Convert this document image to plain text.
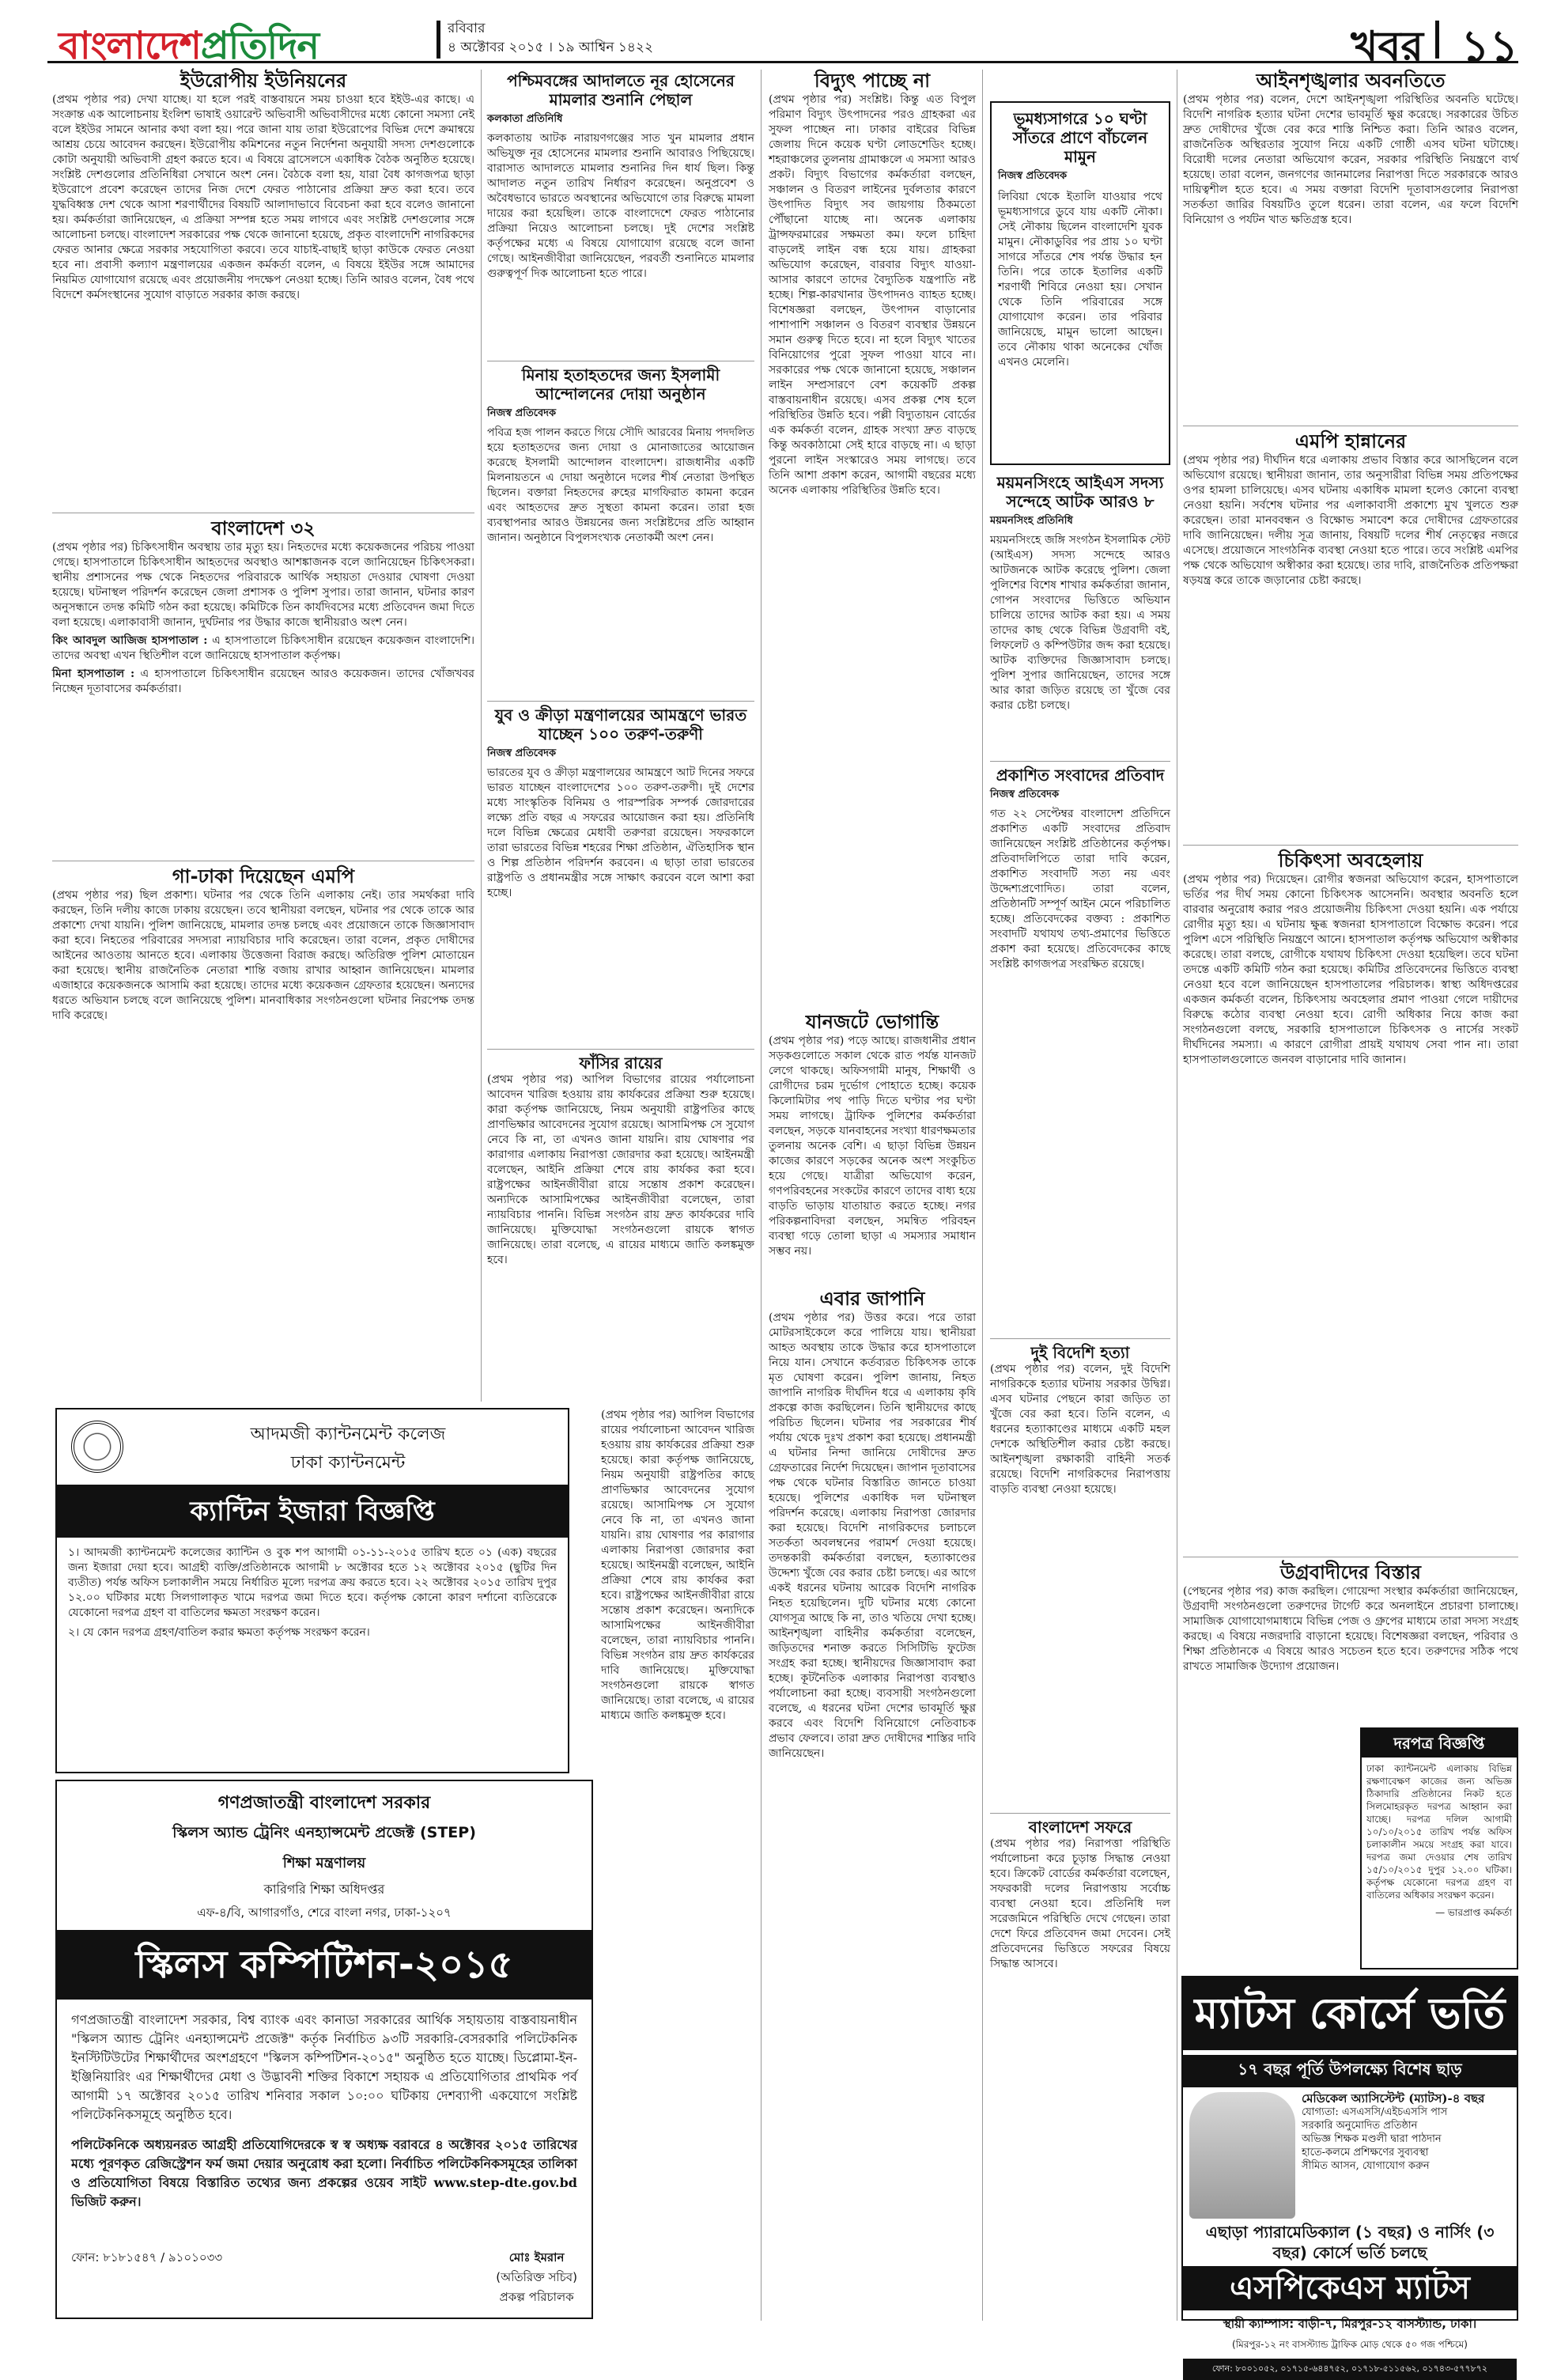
বাংলাদেশপ্রতিদিন	রবিবার
৪ অক্টোবর ২০১৫ । ১৯ আশ্বিন ১৪২২	খবর ১১
ইউরোপীয় ইউনিয়নের

(প্রথম পৃষ্ঠার পর) দেখা যাচ্ছে। যা হলে পরই বাস্তবায়নে সময় চাওয়া হবে ইইউ-এর কাছে। এ সংক্রান্ত এক আলোচনায় ইংলিশ ভাষাই ওয়ারেন্ট অভিবাসী অভিবাসীদের মধ্যে কোনো সমস্যা নেই বলে ইইউর সামনে আনার কথা বলা হয়। পরে জানা যায় তারা ইউরোপের বিভিন্ন দেশে ক্রমান্বয়ে আশ্রয় চেয়ে আবেদন করছেন। ইউরোপীয় কমিশনের নতুন নির্দেশনা অনুযায়ী সদস্য দেশগুলোকে কোটা অনুযায়ী অভিবাসী গ্রহণ করতে হবে। এ বিষয়ে ব্রাসেলসে একাধিক বৈঠক অনুষ্ঠিত হয়েছে। সংশ্লিষ্ট দেশগুলোর প্রতিনিধিরা সেখানে অংশ নেন। বৈঠকে বলা হয়, যারা বৈধ কাগজপত্র ছাড়া ইউরোপে প্রবেশ করেছেন তাদের নিজ দেশে ফেরত পাঠানোর প্রক্রিয়া দ্রুত করা হবে। তবে যুদ্ধবিধ্বস্ত দেশ থেকে আসা শরণার্থীদের বিষয়টি আলাদাভাবে বিবেচনা করা হবে বলেও জানানো হয়। কর্মকর্তারা জানিয়েছেন, এ প্রক্রিয়া সম্পন্ন হতে সময় লাগবে এবং সংশ্লিষ্ট দেশগুলোর সঙ্গে আলোচনা চলছে। বাংলাদেশ সরকারের পক্ষ থেকে জানানো হয়েছে, প্রকৃত বাংলাদেশি নাগরিকদের ফেরত আনার ক্ষেত্রে সরকার সহযোগিতা করবে। তবে যাচাই-বাছাই ছাড়া কাউকে ফেরত নেওয়া হবে না। প্রবাসী কল্যাণ মন্ত্রণালয়ের একজন কর্মকর্তা বলেন, এ বিষয়ে ইইউর সঙ্গে আমাদের নিয়মিত যোগাযোগ রয়েছে এবং প্রয়োজনীয় পদক্ষেপ নেওয়া হচ্ছে। তিনি আরও বলেন, বৈধ পথে বিদেশে কর্মসংস্থানের সুযোগ বাড়াতে সরকার কাজ করছে।

বাংলাদেশ ৩২

(প্রথম পৃষ্ঠার পর) চিকিৎসাধীন অবস্থায় তার মৃত্যু হয়। নিহতদের মধ্যে কয়েকজনের পরিচয় পাওয়া গেছে। হাসপাতালে চিকিৎসাধীন আহতদের অবস্থাও আশঙ্কাজনক বলে জানিয়েছেন চিকিৎসকরা। স্থানীয় প্রশাসনের পক্ষ থেকে নিহতদের পরিবারকে আর্থিক সহায়তা দেওয়ার ঘোষণা দেওয়া হয়েছে। ঘটনাস্থল পরিদর্শন করেছেন জেলা প্রশাসক ও পুলিশ সুপার। তারা জানান, ঘটনার কারণ অনুসন্ধানে তদন্ত কমিটি গঠন করা হয়েছে। কমিটিকে তিন কার্যদিবসের মধ্যে প্রতিবেদন জমা দিতে বলা হয়েছে। এলাকাবাসী জানান, দুর্ঘটনার পর উদ্ধার কাজে স্থানীয়রাও অংশ নেন।

কিং আবদুল আজিজ হাসপাতাল : এ হাসপাতালে চিকিৎসাধীন রয়েছেন কয়েকজন বাংলাদেশি। তাদের অবস্থা এখন স্থিতিশীল বলে জানিয়েছে হাসপাতাল কর্তৃপক্ষ।

মিনা হাসপাতাল : এ হাসপাতালে চিকিৎসাধীন রয়েছেন আরও কয়েকজন। তাদের খোঁজখবর নিচ্ছেন দূতাবাসের কর্মকর্তারা।

গা-ঢাকা দিয়েছেন এমপি

(প্রথম পৃষ্ঠার পর) ছিল প্রকাশ্য। ঘটনার পর থেকে তিনি এলাকায় নেই। তার সমর্থকরা দাবি করছেন, তিনি দলীয় কাজে ঢাকায় রয়েছেন। তবে স্থানীয়রা বলছেন, ঘটনার পর থেকে তাকে আর প্রকাশ্যে দেখা যায়নি। পুলিশ জানিয়েছে, মামলার তদন্ত চলছে এবং প্রয়োজনে তাকে জিজ্ঞাসাবাদ করা হবে। নিহতের পরিবারের সদস্যরা ন্যায়বিচার দাবি করেছেন। তারা বলেন, প্রকৃত দোষীদের আইনের আওতায় আনতে হবে। এলাকায় উত্তেজনা বিরাজ করছে। অতিরিক্ত পুলিশ মোতায়েন করা হয়েছে। স্থানীয় রাজনৈতিক নেতারা শান্তি বজায় রাখার আহ্বান জানিয়েছেন। মামলার এজাহারে কয়েকজনকে আসামি করা হয়েছে। তাদের মধ্যে কয়েকজন গ্রেফতার হয়েছেন। অন্যদের ধরতে অভিযান চলছে বলে জানিয়েছে পুলিশ। মানবাধিকার সংগঠনগুলো ঘটনার নিরপেক্ষ তদন্ত দাবি করেছে।

আদমজী ক্যান্টনমেন্ট কলেজ
ঢাকা ক্যান্টনমেন্ট
ক্যান্টিন ইজারা বিজ্ঞপ্তি

১। আদমজী ক্যান্টনমেন্ট কলেজের ক্যান্টিন ও বুক শপ আগামী ০১-১১-২০১৫ তারিখ হতে ০১ (এক) বছরের জন্য ইজারা দেয়া হবে। আগ্রহী ব্যক্তি/প্রতিষ্ঠানকে আগামী ৮ অক্টোবর হতে ১২ অক্টোবর ২০১৫ (ছুটির দিন ব্যতীত) পর্যন্ত অফিস চলাকালীন সময়ে নির্ধারিত মূল্যে দরপত্র ক্রয় করতে হবে। ২২ অক্টোবর ২০১৫ তারিখ দুপুর ১২.০০ ঘটিকার মধ্যে সিলগালাকৃত খামে দরপত্র জমা দিতে হবে। কর্তৃপক্ষ কোনো কারণ দর্শানো ব্যতিরেকে যেকোনো দরপত্র গ্রহণ বা বাতিলের ক্ষমতা সংরক্ষণ করেন।

২। যে কোন দরপত্র গ্রহণ/বাতিল করার ক্ষমতা কর্তৃপক্ষ সংরক্ষণ করেন।

গণপ্রজাতন্ত্রী বাংলাদেশ সরকার
স্কিলস অ্যান্ড ট্রেনিং এনহ্যান্সমেন্ট প্রজেক্ট (STEP)
শিক্ষা মন্ত্রণালয়
কারিগরি শিক্ষা অধিদপ্তর
এফ-৪/বি, আগারগাঁও, শেরে বাংলা নগর, ঢাকা-১২০৭
স্কিলস কম্পিটিশন-২০১৫

গণপ্রজাতন্ত্রী বাংলাদেশ সরকার, বিশ্ব ব্যাংক এবং কানাডা সরকারের আর্থিক সহায়তায় বাস্তবায়নাধীন "স্কিলস অ্যান্ড ট্রেনিং এনহ্যান্সমেন্ট প্রজেক্ট" কর্তৃক নির্বাচিত ৯৩টি সরকারি-বেসরকারি পলিটেকনিক ইনস্টিটিউটের শিক্ষার্থীদের অংশগ্রহণে "স্কিলস কম্পিটিশন-২০১৫" অনুষ্ঠিত হতে যাচ্ছে। ডিপ্লোমা-ইন-ইঞ্জিনিয়ারিং এর শিক্ষার্থীদের মেধা ও উদ্ভাবনী শক্তির বিকাশে সহায়ক এ প্রতিযোগিতার প্রাথমিক পর্ব আগামী ১৭ অক্টোবর ২০১৫ তারিখ শনিবার সকাল ১০:০০ ঘটিকায় দেশব্যাপী একযোগে সংশ্লিষ্ট পলিটেকনিকসমূহে অনুষ্ঠিত হবে।

পলিটেকনিকে অধ্যয়নরত আগ্রহী প্রতিযোগিদেরকে স্ব স্ব অধ্যক্ষ বরাবরে ৪ অক্টোবর ২০১৫ তারিখের মধ্যে পূরণকৃত রেজিস্ট্রেশন ফর্ম জমা দেয়ার অনুরোধ করা হলো। নির্বাচিত পলিটেকনিকসমূহের তালিকা ও প্রতিযোগিতা বিষয়ে বিস্তারিত তথ্যের জন্য প্রকল্পের ওয়েব সাইট www.step-dte.gov.bd ভিজিট করুন।

ফোন: ৮১৮১৫৪৭ / ৯১০১০৩৩	মোঃ ইমরান
(অতিরিক্ত সচিব)
প্রকল্প পরিচালক
পশ্চিমবঙ্গের আদালতে নূর হোসেনের মামলার শুনানি পেছাল
কলকাতা প্রতিনিধি

কলকাতায় আটক নারায়ণগঞ্জের সাত খুন মামলার প্রধান অভিযুক্ত নূর হোসেনের মামলার শুনানি আবারও পিছিয়েছে। বারাসাত আদালতে মামলার শুনানির দিন ধার্য ছিল। কিন্তু আদালত নতুন তারিখ নির্ধারণ করেছেন। অনুপ্রবেশ ও অবৈধভাবে ভারতে অবস্থানের অভিযোগে তার বিরুদ্ধে মামলা দায়ের করা হয়েছিল। তাকে বাংলাদেশে ফেরত পাঠানোর প্রক্রিয়া নিয়েও আলোচনা চলছে। দুই দেশের সংশ্লিষ্ট কর্তৃপক্ষের মধ্যে এ বিষয়ে যোগাযোগ রয়েছে বলে জানা গেছে। আইনজীবীরা জানিয়েছেন, পরবর্তী শুনানিতে মামলার গুরুত্বপূর্ণ দিক আলোচনা হতে পারে।

মিনায় হতাহতদের জন্য ইসলামী আন্দোলনের দোয়া অনুষ্ঠান
নিজস্ব প্রতিবেদক

পবিত্র হজ পালন করতে গিয়ে সৌদি আরবের মিনায় পদদলিত হয়ে হতাহতদের জন্য দোয়া ও মোনাজাতের আয়োজন করেছে ইসলামী আন্দোলন বাংলাদেশ। রাজধানীর একটি মিলনায়তনে এ দোয়া অনুষ্ঠানে দলের শীর্ষ নেতারা উপস্থিত ছিলেন। বক্তারা নিহতদের রুহের মাগফিরাত কামনা করেন এবং আহতদের দ্রুত সুস্থতা কামনা করেন। তারা হজ ব্যবস্থাপনার আরও উন্নয়নের জন্য সংশ্লিষ্টদের প্রতি আহ্বান জানান। অনুষ্ঠানে বিপুলসংখ্যক নেতাকর্মী অংশ নেন।

যুব ও ক্রীড়া মন্ত্রণালয়ের আমন্ত্রণে ভারত যাচ্ছেন ১০০ তরুণ-তরুণী
নিজস্ব প্রতিবেদক

ভারতের যুব ও ক্রীড়া মন্ত্রণালয়ের আমন্ত্রণে আট দিনের সফরে ভারত যাচ্ছেন বাংলাদেশের ১০০ তরুণ-তরুণী। দুই দেশের মধ্যে সাংস্কৃতিক বিনিময় ও পারস্পরিক সম্পর্ক জোরদারের লক্ষ্যে প্রতি বছর এ সফরের আয়োজন করা হয়। প্রতিনিধি দলে বিভিন্ন ক্ষেত্রের মেধাবী তরুণরা রয়েছেন। সফরকালে তারা ভারতের বিভিন্ন শহরের শিক্ষা প্রতিষ্ঠান, ঐতিহাসিক স্থান ও শিল্প প্রতিষ্ঠান পরিদর্শন করবেন। এ ছাড়া তারা ভারতের রাষ্ট্রপতি ও প্রধানমন্ত্রীর সঙ্গে সাক্ষাৎ করবেন বলে আশা করা হচ্ছে।

(প্রথম পৃষ্ঠার পর) আপিল বিভাগের রায়ের পর্যালোচনা আবেদন খারিজ হওয়ায় রায় কার্যকরের প্রক্রিয়া শুরু হয়েছে। কারা কর্তৃপক্ষ জানিয়েছে, নিয়ম অনুযায়ী রাষ্ট্রপতির কাছে প্রাণভিক্ষার আবেদনের সুযোগ রয়েছে। আসামিপক্ষ সে সুযোগ নেবে কি না, তা এখনও জানা যায়নি। রায় ঘোষণার পর কারাগার এলাকায় নিরাপত্তা জোরদার করা হয়েছে। আইনমন্ত্রী বলেছেন, আইনি প্রক্রিয়া শেষে রায় কার্যকর করা হবে। রাষ্ট্রপক্ষের আইনজীবীরা রায়ে সন্তোষ প্রকাশ করেছেন। অন্যদিকে আসামিপক্ষের আইনজীবীরা বলেছেন, তারা ন্যায়বিচার পাননি। বিভিন্ন সংগঠন রায় দ্রুত কার্যকরের দাবি জানিয়েছে। মুক্তিযোদ্ধা সংগঠনগুলো রায়কে স্বাগত জানিয়েছে। তারা বলেছে, এ রায়ের মাধ্যমে জাতি কলঙ্কমুক্ত হবে।

ফাঁসির রায়ের

(প্রথম পৃষ্ঠার পর) আপিল বিভাগের রায়ের পর্যালোচনা আবেদন খারিজ হওয়ায় রায় কার্যকরের প্রক্রিয়া শুরু হয়েছে। কারা কর্তৃপক্ষ জানিয়েছে, নিয়ম অনুযায়ী রাষ্ট্রপতির কাছে প্রাণভিক্ষার আবেদনের সুযোগ রয়েছে। আসামিপক্ষ সে সুযোগ নেবে কি না, তা এখনও জানা যায়নি। রায় ঘোষণার পর কারাগার এলাকায় নিরাপত্তা জোরদার করা হয়েছে। আইনমন্ত্রী বলেছেন, আইনি প্রক্রিয়া শেষে রায় কার্যকর করা হবে। রাষ্ট্রপক্ষের আইনজীবীরা রায়ে সন্তোষ প্রকাশ করেছেন। অন্যদিকে আসামিপক্ষের আইনজীবীরা বলেছেন, তারা ন্যায়বিচার পাননি। বিভিন্ন সংগঠন রায় দ্রুত কার্যকরের দাবি জানিয়েছে। মুক্তিযোদ্ধা সংগঠনগুলো রায়কে স্বাগত জানিয়েছে। তারা বলেছে, এ রায়ের মাধ্যমে জাতি কলঙ্কমুক্ত হবে।

বিদ্যুৎ পাচ্ছে না

(প্রথম পৃষ্ঠার পর) সংশ্লিষ্ট। কিন্তু এত বিপুল পরিমাণ বিদ্যুৎ উৎপাদনের পরও গ্রাহকরা এর সুফল পাচ্ছেন না। ঢাকার বাইরের বিভিন্ন জেলায় দিনে কয়েক ঘণ্টা লোডশেডিং হচ্ছে। শহরাঞ্চলের তুলনায় গ্রামাঞ্চলে এ সমস্যা আরও প্রকট। বিদ্যুৎ বিভাগের কর্মকর্তারা বলছেন, সঞ্চালন ও বিতরণ লাইনের দুর্বলতার কারণে উৎপাদিত বিদ্যুৎ সব জায়গায় ঠিকমতো পৌঁছানো যাচ্ছে না। অনেক এলাকায় ট্রান্সফরমারের সক্ষমতা কম। ফলে চাহিদা বাড়লেই লাইন বন্ধ হয়ে যায়। গ্রাহকরা অভিযোগ করেছেন, বারবার বিদ্যুৎ যাওয়া-আসার কারণে তাদের বৈদ্যুতিক যন্ত্রপাতি নষ্ট হচ্ছে। শিল্প-কারখানার উৎপাদনও ব্যাহত হচ্ছে। বিশেষজ্ঞরা বলছেন, উৎপাদন বাড়ানোর পাশাপাশি সঞ্চালন ও বিতরণ ব্যবস্থার উন্নয়নে সমান গুরুত্ব দিতে হবে। না হলে বিদ্যুৎ খাতের বিনিয়োগের পুরো সুফল পাওয়া যাবে না। সরকারের পক্ষ থেকে জানানো হয়েছে, সঞ্চালন লাইন সম্প্রসারণে বেশ কয়েকটি প্রকল্প বাস্তবায়নাধীন রয়েছে। এসব প্রকল্প শেষ হলে পরিস্থিতির উন্নতি হবে। পল্লী বিদ্যুতায়ন বোর্ডের এক কর্মকর্তা বলেন, গ্রাহক সংখ্যা দ্রুত বাড়ছে কিন্তু অবকাঠামো সেই হারে বাড়ছে না। এ ছাড়া পুরনো লাইন সংস্কারেও সময় লাগছে। তবে তিনি আশা প্রকাশ করেন, আগামী বছরের মধ্যে অনেক এলাকায় পরিস্থিতির উন্নতি হবে।

যানজটে ভোগান্তি

(প্রথম পৃষ্ঠার পর) পড়ে আছে। রাজধানীর প্রধান সড়কগুলোতে সকাল থেকে রাত পর্যন্ত যানজট লেগে থাকছে। অফিসগামী মানুষ, শিক্ষার্থী ও রোগীদের চরম দুর্ভোগ পোহাতে হচ্ছে। কয়েক কিলোমিটার পথ পাড়ি দিতে ঘণ্টার পর ঘণ্টা সময় লাগছে। ট্রাফিক পুলিশের কর্মকর্তারা বলছেন, সড়কে যানবাহনের সংখ্যা ধারণক্ষমতার তুলনায় অনেক বেশি। এ ছাড়া বিভিন্ন উন্নয়ন কাজের কারণে সড়কের অনেক অংশ সংকুচিত হয়ে গেছে। যাত্রীরা অভিযোগ করেন, গণপরিবহনের সংকটের কারণে তাদের বাধ্য হয়ে বাড়তি ভাড়ায় যাতায়াত করতে হচ্ছে। নগর পরিকল্পনাবিদরা বলছেন, সমন্বিত পরিবহন ব্যবস্থা গড়ে তোলা ছাড়া এ সমস্যার সমাধান সম্ভব নয়।

এবার জাপানি

(প্রথম পৃষ্ঠার পর) উত্তর করে। পরে তারা মোটরসাইকেলে করে পালিয়ে যায়। স্থানীয়রা আহত অবস্থায় তাকে উদ্ধার করে হাসপাতালে নিয়ে যান। সেখানে কর্তব্যরত চিকিৎসক তাকে মৃত ঘোষণা করেন। পুলিশ জানায়, নিহত জাপানি নাগরিক দীর্ঘদিন ধরে এ এলাকায় কৃষি প্রকল্পে কাজ করছিলেন। তিনি স্থানীয়দের কাছে পরিচিত ছিলেন। ঘটনার পর সরকারের শীর্ষ পর্যায় থেকে দুঃখ প্রকাশ করা হয়েছে। প্রধানমন্ত্রী এ ঘটনার নিন্দা জানিয়ে দোষীদের দ্রুত গ্রেফতারের নির্দেশ দিয়েছেন। জাপান দূতাবাসের পক্ষ থেকে ঘটনার বিস্তারিত জানতে চাওয়া হয়েছে। পুলিশের একাধিক দল ঘটনাস্থল পরিদর্শন করেছে। এলাকায় নিরাপত্তা জোরদার করা হয়েছে। বিদেশি নাগরিকদের চলাচলে সতর্কতা অবলম্বনের পরামর্শ দেওয়া হয়েছে। তদন্তকারী কর্মকর্তারা বলছেন, হত্যাকাণ্ডের উদ্দেশ্য খুঁজে বের করার চেষ্টা চলছে। এর আগে একই ধরনের ঘটনায় আরেক বিদেশি নাগরিক নিহত হয়েছিলেন। দুটি ঘটনার মধ্যে কোনো যোগসূত্র আছে কি না, তাও খতিয়ে দেখা হচ্ছে। আইনশৃঙ্খলা বাহিনীর কর্মকর্তারা বলেছেন, জড়িতদের শনাক্ত করতে সিসিটিভি ফুটেজ সংগ্রহ করা হচ্ছে। স্থানীয়দের জিজ্ঞাসাবাদ করা হচ্ছে। কূটনৈতিক এলাকার নিরাপত্তা ব্যবস্থাও পর্যালোচনা করা হচ্ছে। ব্যবসায়ী সংগঠনগুলো বলেছে, এ ধরনের ঘটনা দেশের ভাবমূর্তি ক্ষুণ্ণ করবে এবং বিদেশি বিনিয়োগে নেতিবাচক প্রভাব ফেলবে। তারা দ্রুত দোষীদের শাস্তির দাবি জানিয়েছেন।

ভূমধ্যসাগরে ১০ ঘণ্টা সাঁতরে প্রাণে বাঁচলেন মামুন
নিজস্ব প্রতিবেদক

লিবিয়া থেকে ইতালি যাওয়ার পথে ভূমধ্যসাগরে ডুবে যায় একটি নৌকা। সেই নৌকায় ছিলেন বাংলাদেশি যুবক মামুন। নৌকাডুবির পর প্রায় ১০ ঘণ্টা সাগরে সাঁতরে শেষ পর্যন্ত উদ্ধার হন তিনি। পরে তাকে ইতালির একটি শরণার্থী শিবিরে নেওয়া হয়। সেখান থেকে তিনি পরিবারের সঙ্গে যোগাযোগ করেন। তার পরিবার জানিয়েছে, মামুন ভালো আছেন। তবে নৌকায় থাকা অনেকের খোঁজ এখনও মেলেনি।

ময়মনসিংহে আইএস সদস্য সন্দেহে আটক আরও ৮
ময়মনসিংহ প্রতিনিধি

ময়মনসিংহে জঙ্গি সংগঠন ইসলামিক স্টেট (আইএস) সদস্য সন্দেহে আরও আটজনকে আটক করেছে পুলিশ। জেলা পুলিশের বিশেষ শাখার কর্মকর্তারা জানান, গোপন সংবাদের ভিত্তিতে অভিযান চালিয়ে তাদের আটক করা হয়। এ সময় তাদের কাছ থেকে বিভিন্ন উগ্রবাদী বই, লিফলেট ও কম্পিউটার জব্দ করা হয়েছে। আটক ব্যক্তিদের জিজ্ঞাসাবাদ চলছে। পুলিশ সুপার জানিয়েছেন, তাদের সঙ্গে আর কারা জড়িত রয়েছে তা খুঁজে বের করার চেষ্টা চলছে।

প্রকাশিত সংবাদের প্রতিবাদ
নিজস্ব প্রতিবেদক

গত ২২ সেপ্টেম্বর বাংলাদেশ প্রতিদিনে প্রকাশিত একটি সংবাদের প্রতিবাদ জানিয়েছেন সংশ্লিষ্ট প্রতিষ্ঠানের কর্তৃপক্ষ। প্রতিবাদলিপিতে তারা দাবি করেন, প্রকাশিত সংবাদটি সত্য নয় এবং উদ্দেশ্যপ্রণোদিত। তারা বলেন, প্রতিষ্ঠানটি সম্পূর্ণ আইন মেনে পরিচালিত হচ্ছে। প্রতিবেদকের বক্তব্য : প্রকাশিত সংবাদটি যথাযথ তথ্য-প্রমাণের ভিত্তিতে প্রকাশ করা হয়েছে। প্রতিবেদকের কাছে সংশ্লিষ্ট কাগজপত্র সংরক্ষিত রয়েছে।

দুই বিদেশি হত্যা

(প্রথম পৃষ্ঠার পর) বলেন, দুই বিদেশি নাগরিককে হত্যার ঘটনায় সরকার উদ্বিগ্ন। এসব ঘটনার পেছনে কারা জড়িত তা খুঁজে বের করা হবে। তিনি বলেন, এ ধরনের হত্যাকাণ্ডের মাধ্যমে একটি মহল দেশকে অস্থিতিশীল করার চেষ্টা করছে। আইনশৃঙ্খলা রক্ষাকারী বাহিনী সতর্ক রয়েছে। বিদেশি নাগরিকদের নিরাপত্তায় বাড়তি ব্যবস্থা নেওয়া হয়েছে।

বাংলাদেশ সফরে

(প্রথম পৃষ্ঠার পর) নিরাপত্তা পরিস্থিতি পর্যালোচনা করে চূড়ান্ত সিদ্ধান্ত নেওয়া হবে। ক্রিকেট বোর্ডের কর্মকর্তারা বলেছেন, সফরকারী দলের নিরাপত্তায় সর্বোচ্চ ব্যবস্থা নেওয়া হবে। প্রতিনিধি দল সরেজমিনে পরিস্থিতি দেখে গেছেন। তারা দেশে ফিরে প্রতিবেদন জমা দেবেন। সেই প্রতিবেদনের ভিত্তিতে সফরের বিষয়ে সিদ্ধান্ত আসবে।

আইনশৃঙ্খলার অবনতিতে

(প্রথম পৃষ্ঠার পর) বলেন, দেশে আইনশৃঙ্খলা পরিস্থিতির অবনতি ঘটেছে। বিদেশি নাগরিক হত্যার ঘটনা দেশের ভাবমূর্তি ক্ষুণ্ণ করেছে। সরকারের উচিত দ্রুত দোষীদের খুঁজে বের করে শাস্তি নিশ্চিত করা। তিনি আরও বলেন, রাজনৈতিক অস্থিরতার সুযোগ নিয়ে একটি গোষ্ঠী এসব ঘটনা ঘটাচ্ছে। বিরোধী দলের নেতারা অভিযোগ করেন, সরকার পরিস্থিতি নিয়ন্ত্রণে ব্যর্থ হয়েছে। তারা বলেন, জনগণের জানমালের নিরাপত্তা দিতে সরকারকে আরও দায়িত্বশীল হতে হবে। এ সময় বক্তারা বিদেশি দূতাবাসগুলোর নিরাপত্তা সতর্কতা জারির বিষয়টিও তুলে ধরেন। তারা বলেন, এর ফলে বিদেশি বিনিয়োগ ও পর্যটন খাত ক্ষতিগ্রস্ত হবে।

এমপি হান্নানের

(প্রথম পৃষ্ঠার পর) দীর্ঘদিন ধরে এলাকায় প্রভাব বিস্তার করে আসছিলেন বলে অভিযোগ রয়েছে। স্থানীয়রা জানান, তার অনুসারীরা বিভিন্ন সময় প্রতিপক্ষের ওপর হামলা চালিয়েছে। এসব ঘটনায় একাধিক মামলা হলেও কোনো ব্যবস্থা নেওয়া হয়নি। সর্বশেষ ঘটনার পর এলাকাবাসী প্রকাশ্যে মুখ খুলতে শুরু করেছেন। তারা মানববন্ধন ও বিক্ষোভ সমাবেশ করে দোষীদের গ্রেফতারের দাবি জানিয়েছেন। দলীয় সূত্র জানায়, বিষয়টি দলের শীর্ষ নেতৃত্বের নজরে এসেছে। প্রয়োজনে সাংগঠনিক ব্যবস্থা নেওয়া হতে পারে। তবে সংশ্লিষ্ট এমপির পক্ষ থেকে অভিযোগ অস্বীকার করা হয়েছে। তার দাবি, রাজনৈতিক প্রতিপক্ষরা ষড়যন্ত্র করে তাকে জড়ানোর চেষ্টা করছে।

চিকিৎসা অবহেলায়

(প্রথম পৃষ্ঠার পর) দিয়েছেন। রোগীর স্বজনরা অভিযোগ করেন, হাসপাতালে ভর্তির পর দীর্ঘ সময় কোনো চিকিৎসক আসেননি। অবস্থার অবনতি হলে বারবার অনুরোধ করার পরও প্রয়োজনীয় চিকিৎসা দেওয়া হয়নি। এক পর্যায়ে রোগীর মৃত্যু হয়। এ ঘটনায় ক্ষুব্ধ স্বজনরা হাসপাতালে বিক্ষোভ করেন। পরে পুলিশ এসে পরিস্থিতি নিয়ন্ত্রণে আনে। হাসপাতাল কর্তৃপক্ষ অভিযোগ অস্বীকার করেছে। তারা বলছে, রোগীকে যথাযথ চিকিৎসা দেওয়া হয়েছিল। তবে ঘটনা তদন্তে একটি কমিটি গঠন করা হয়েছে। কমিটির প্রতিবেদনের ভিত্তিতে ব্যবস্থা নেওয়া হবে বলে জানিয়েছেন হাসপাতালের পরিচালক। স্বাস্থ্য অধিদপ্তরের একজন কর্মকর্তা বলেন, চিকিৎসায় অবহেলার প্রমাণ পাওয়া গেলে দায়ীদের বিরুদ্ধে কঠোর ব্যবস্থা নেওয়া হবে। রোগী অধিকার নিয়ে কাজ করা সংগঠনগুলো বলছে, সরকারি হাসপাতালে চিকিৎসক ও নার্সের সংকট দীর্ঘদিনের সমস্যা। এ কারণে রোগীরা প্রায়ই যথাযথ সেবা পান না। তারা হাসপাতালগুলোতে জনবল বাড়ানোর দাবি জানান।

উগ্রবাদীদের বিস্তার

(পেছনের পৃষ্ঠার পর) কাজ করছিল। গোয়েন্দা সংস্থার কর্মকর্তারা জানিয়েছেন, উগ্রবাদী সংগঠনগুলো তরুণদের টার্গেট করে অনলাইনে প্রচারণা চালাচ্ছে। সামাজিক যোগাযোগমাধ্যমে বিভিন্ন পেজ ও গ্রুপের মাধ্যমে তারা সদস্য সংগ্রহ করছে। এ বিষয়ে নজরদারি বাড়ানো হয়েছে। বিশেষজ্ঞরা বলছেন, পরিবার ও শিক্ষা প্রতিষ্ঠানকে এ বিষয়ে আরও সচেতন হতে হবে। তরুণদের সঠিক পথে রাখতে সামাজিক উদ্যোগ প্রয়োজন।

দরপত্র বিজ্ঞপ্তি

ঢাকা ক্যান্টনমেন্ট এলাকায় বিভিন্ন রক্ষণাবেক্ষণ কাজের জন্য অভিজ্ঞ ঠিকাদারি প্রতিষ্ঠানের নিকট হতে সিলমোহরকৃত দরপত্র আহ্বান করা যাচ্ছে। দরপত্র দলিল আগামী ১০/১০/২০১৫ তারিখ পর্যন্ত অফিস চলাকালীন সময়ে সংগ্রহ করা যাবে। দরপত্র জমা দেওয়ার শেষ তারিখ ১৫/১০/২০১৫ দুপুর ১২.০০ ঘটিকা। কর্তৃপক্ষ যেকোনো দরপত্র গ্রহণ বা বাতিলের অধিকার সংরক্ষণ করেন।

— ভারপ্রাপ্ত কর্মকর্তা

ম্যাটস কোর্সে ভর্তি
১৭ বছর পূর্তি উপলক্ষ্যে বিশেষ ছাড়
মেডিকেল অ্যাসিস্টেন্ট (ম্যাটস)-৪ বছর
যোগ্যতা: এসএসসি/এইচএসসি পাস
সরকারি অনুমোদিত প্রতিষ্ঠান
অভিজ্ঞ শিক্ষক মণ্ডলী দ্বারা পাঠদান
হাতে-কলমে প্রশিক্ষণের সুব্যবস্থা
সীমিত আসন, যোগাযোগ করুন
এছাড়া প্যারামেডিক্যাল (১ বছর) ও নার্সিং (৩ বছর) কোর্সে ভর্তি চলছে
এসপিকেএস ম্যাটস
স্থায়ী ক্যাম্পাস: বাড়ী-৭, মিরপুর-১২ বাসস্ট্যান্ড, ঢাকা।
(মিরপুর-১২ নং বাসস্ট্যান্ড ট্রাফিক মোড় থেকে ৫০ গজ পশ্চিমে)
ফোন: ৮০০১০৫২, ০১৭১৫-৬৪৪৭৫২, ০১৭১৮-৫১১৫৬২, ০১৭৪৩-৫৭৭৮৭২
